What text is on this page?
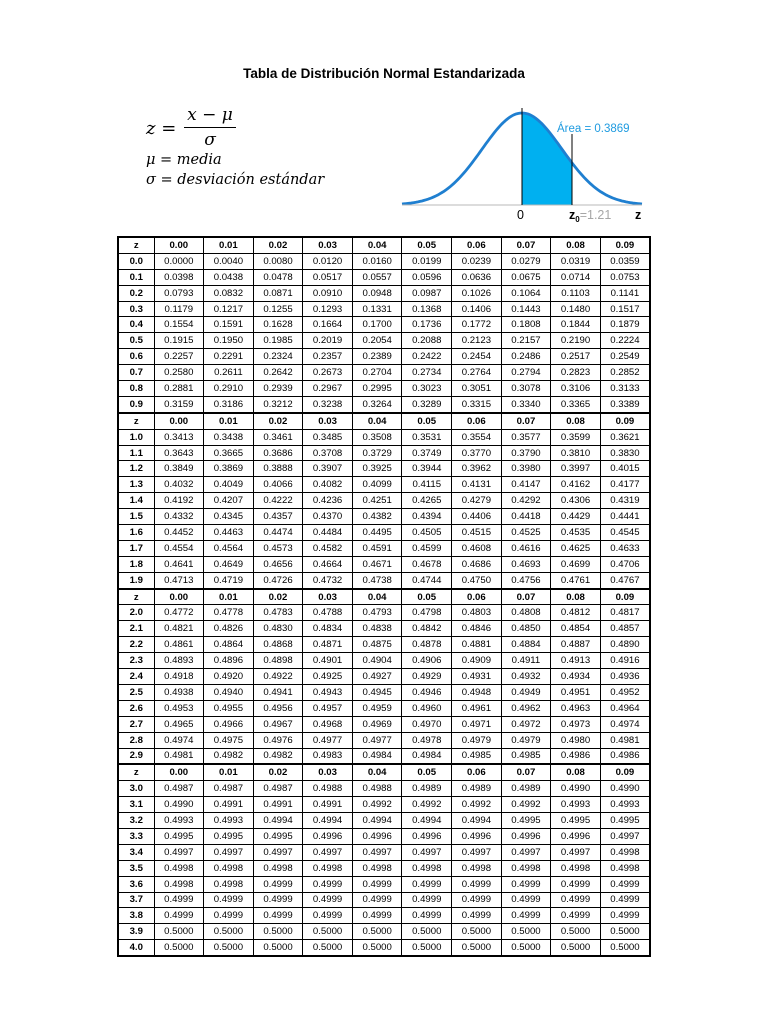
Tabla de Distribución Normal Estandarizada
z =
x − μ
σ
μ = media
σ = desviación estándar
Área = 0.3869
0	$z_0=1.21$ z
z	0.00	0.01	0.02	0.03	0.04	0.05	0.06	0.07	0.08	0.09
0.0	0.0000	0.0040	0.0080	0.0120	0.0160	0.0199	0.0239	0.0279	0.0319	0.0359
0.1	0.0398	0.0438	0.0478	0.0517	0.0557	0.0596	0.0636	0.0675	0.0714	0.0753
0.2	0.0793	0.0832	0.0871	0.0910	0.0948	0.0987	0.1026	0.1064	0.1103	0.1141
0.3	0.1179	0.1217	0.1255	0.1293	0.1331	0.1368	0.1406	0.1443	0.1480	0.1517
0.4	0.1554	0.1591	0.1628	0.1664	0.1700	0.1736	0.1772	0.1808	0.1844	0.1879
0.5	0.1915	0.1950	0.1985	0.2019	0.2054	0.2088	0.2123	0.2157	0.2190	0.2224
0.6	0.2257	0.2291	0.2324	0.2357	0.2389	0.2422	0.2454	0.2486	0.2517	0.2549
0.7	0.2580	0.2611	0.2642	0.2673	0.2704	0.2734	0.2764	0.2794	0.2823	0.2852
0.8	0.2881	0.2910	0.2939	0.2967	0.2995	0.3023	0.3051	0.3078	0.3106	0.3133
0.9	0.3159	0.3186	0.3212	0.3238	0.3264	0.3289	0.3315	0.3340	0.3365	0.3389
z	0.00	0.01	0.02	0.03	0.04	0.05	0.06	0.07	0.08	0.09
1.0	0.3413	0.3438	0.3461	0.3485	0.3508	0.3531	0.3554	0.3577	0.3599	0.3621
1.1	0.3643	0.3665	0.3686	0.3708	0.3729	0.3749	0.3770	0.3790	0.3810	0.3830
1.2	0.3849	0.3869	0.3888	0.3907	0.3925	0.3944	0.3962	0.3980	0.3997	0.4015
1.3	0.4032	0.4049	0.4066	0.4082	0.4099	0.4115	0.4131	0.4147	0.4162	0.4177
1.4	0.4192	0.4207	0.4222	0.4236	0.4251	0.4265	0.4279	0.4292	0.4306	0.4319
1.5	0.4332	0.4345	0.4357	0.4370	0.4382	0.4394	0.4406	0.4418	0.4429	0.4441
1.6	0.4452	0.4463	0.4474	0.4484	0.4495	0.4505	0.4515	0.4525	0.4535	0.4545
1.7	0.4554	0.4564	0.4573	0.4582	0.4591	0.4599	0.4608	0.4616	0.4625	0.4633
1.8	0.4641	0.4649	0.4656	0.4664	0.4671	0.4678	0.4686	0.4693	0.4699	0.4706
1.9	0.4713	0.4719	0.4726	0.4732	0.4738	0.4744	0.4750	0.4756	0.4761	0.4767
z	0.00	0.01	0.02	0.03	0.04	0.05	0.06	0.07	0.08	0.09
2.0	0.4772	0.4778	0.4783	0.4788	0.4793	0.4798	0.4803	0.4808	0.4812	0.4817
2.1	0.4821	0.4826	0.4830	0.4834	0.4838	0.4842	0.4846	0.4850	0.4854	0.4857
2.2	0.4861	0.4864	0.4868	0.4871	0.4875	0.4878	0.4881	0.4884	0.4887	0.4890
2.3	0.4893	0.4896	0.4898	0.4901	0.4904	0.4906	0.4909	0.4911	0.4913	0.4916
2.4	0.4918	0.4920	0.4922	0.4925	0.4927	0.4929	0.4931	0.4932	0.4934	0.4936
2.5	0.4938	0.4940	0.4941	0.4943	0.4945	0.4946	0.4948	0.4949	0.4951	0.4952
2.6	0.4953	0.4955	0.4956	0.4957	0.4959	0.4960	0.4961	0.4962	0.4963	0.4964
2.7	0.4965	0.4966	0.4967	0.4968	0.4969	0.4970	0.4971	0.4972	0.4973	0.4974
2.8	0.4974	0.4975	0.4976	0.4977	0.4977	0.4978	0.4979	0.4979	0.4980	0.4981
2.9	0.4981	0.4982	0.4982	0.4983	0.4984	0.4984	0.4985	0.4985	0.4986	0.4986
z	0.00	0.01	0.02	0.03	0.04	0.05	0.06	0.07	0.08	0.09
3.0	0.4987	0.4987	0.4987	0.4988	0.4988	0.4989	0.4989	0.4989	0.4990	0.4990
3.1	0.4990	0.4991	0.4991	0.4991	0.4992	0.4992	0.4992	0.4992	0.4993	0.4993
3.2	0.4993	0.4993	0.4994	0.4994	0.4994	0.4994	0.4994	0.4995	0.4995	0.4995
3.3	0.4995	0.4995	0.4995	0.4996	0.4996	0.4996	0.4996	0.4996	0.4996	0.4997
3.4	0.4997	0.4997	0.4997	0.4997	0.4997	0.4997	0.4997	0.4997	0.4997	0.4998
3.5	0.4998	0.4998	0.4998	0.4998	0.4998	0.4998	0.4998	0.4998	0.4998	0.4998
3.6	0.4998	0.4998	0.4999	0.4999	0.4999	0.4999	0.4999	0.4999	0.4999	0.4999
3.7	0.4999	0.4999	0.4999	0.4999	0.4999	0.4999	0.4999	0.4999	0.4999	0.4999
3.8	0.4999	0.4999	0.4999	0.4999	0.4999	0.4999	0.4999	0.4999	0.4999	0.4999
3.9	0.5000	0.5000	0.5000	0.5000	0.5000	0.5000	0.5000	0.5000	0.5000	0.5000
4.0	0.5000	0.5000	0.5000	0.5000	0.5000	0.5000	0.5000	0.5000	0.5000	0.5000
